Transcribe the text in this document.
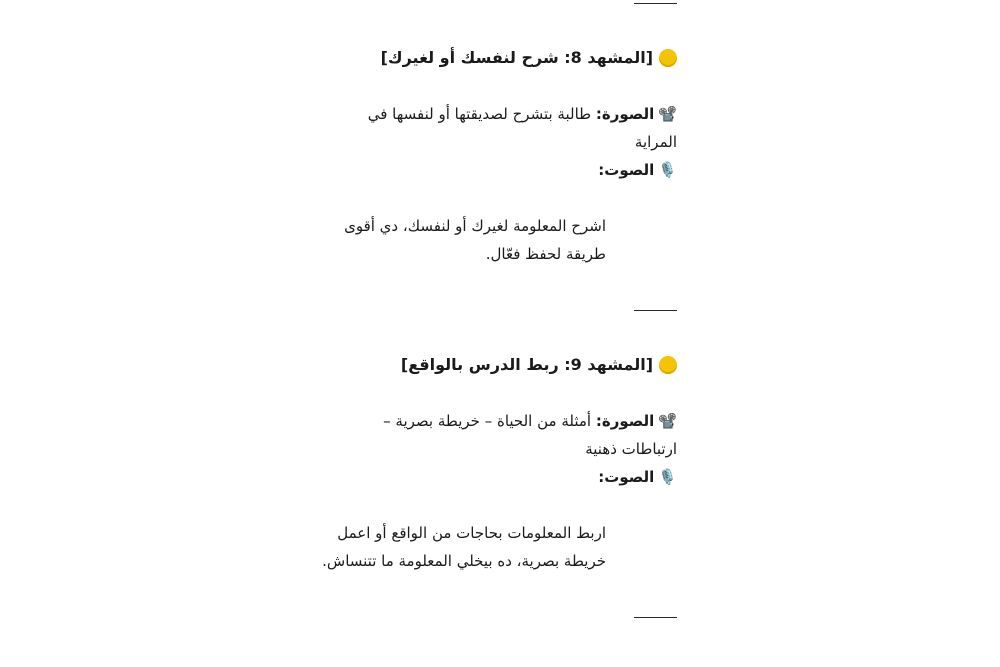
[المشهد 8: شرح لنفسك أو لغيرك]
📽️الصورة: طالبة بتشرح لصديقتها أو لنفسها في المراية
🎙️الصوت:
اشرح المعلومة لغيرك أو لنفسك، دي أقوى طريقة لحفظ فعّال.
[المشهد 9: ربط الدرس بالواقع]
📽️الصورة: أمثلة من الحياة – خريطة بصرية – ارتباطات ذهنية
🎙️الصوت:
اربط المعلومات بحاجات من الواقع أو اعمل خريطة بصرية، ده بيخلي المعلومة ما تتنساش.
